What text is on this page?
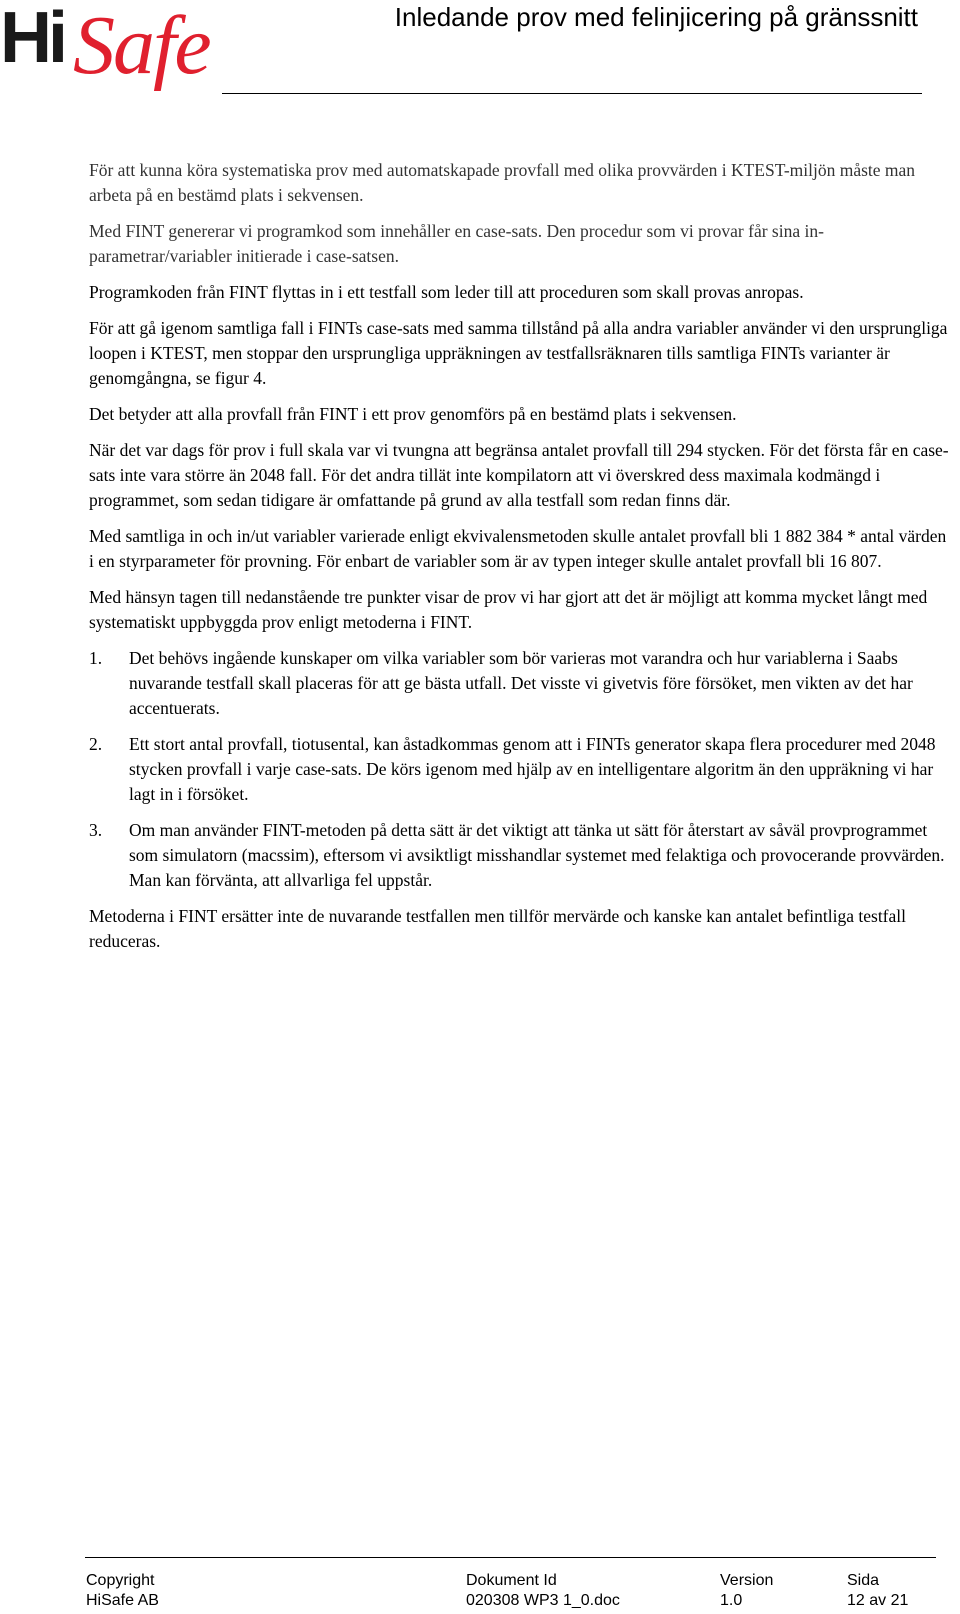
Hi Safe	Inledande prov med felinjicering på gränssnitt

För att kunna köra systematiska prov med automatskapade provfall med olika provvärden i KTEST-miljön måste man arbeta på en bestämd plats i sekvensen.

Med FINT genererar vi programkod som innehåller en case-sats. Den procedur som vi provar får sina in-parametrar/variabler initierade i case-satsen.

Programkoden från FINT flyttas in i ett testfall som leder till att proceduren som skall provas anropas.

För att gå igenom samtliga fall i FINTs case-sats med samma tillstånd på alla andra variabler använder vi den ursprungliga loopen i KTEST, men stoppar den ursprungliga uppräkningen av testfallsräknaren tills samtliga FINTs varianter är genomgångna, se figur 4.

Det betyder att alla provfall från FINT i ett prov genomförs på en bestämd plats i sekvensen.

När det var dags för prov i full skala var vi tvungna att begränsa antalet provfall till 294 stycken. För det första får en case-sats inte vara större än 2048 fall. För det andra tillät inte kompilatorn att vi överskred dess maximala kodmängd i programmet, som sedan tidigare är omfattande på grund av alla testfall som redan finns där.

Med samtliga in och in/ut variabler varierade enligt ekvivalensmetoden skulle antalet provfall bli 1 882 384 * antal värden i en styrparameter för provning. För enbart de variabler som är av typen integer skulle antalet provfall bli 16 807.

Med hänsyn tagen till nedanstående tre punkter visar de prov vi har gjort att det är möjligt att komma mycket långt med systematiskt uppbyggda prov enligt metoderna i FINT.

1.	Det behövs ingående kunskaper om vilka variabler som bör varieras mot varandra och hur variablerna i Saabs nuvarande testfall skall placeras för att ge bästa utfall. Det visste vi givetvis före försöket, men vikten av det har accentuerats.
2.	Ett stort antal provfall, tiotusental, kan åstadkommas genom att i FINTs generator skapa flera procedurer med 2048 stycken provfall i varje case-sats. De körs igenom med hjälp av en intelligentare algoritm än den uppräkning vi har lagt in i försöket.
3.	Om man använder FINT-metoden på detta sätt är det viktigt att tänka ut sätt för återstart av såväl provprogrammet som simulatorn (macssim), eftersom vi avsiktligt misshandlar systemet med felaktiga och provocerande provvärden. Man kan förvänta, att allvarliga fel uppstår.

Metoderna i FINT ersätter inte de nuvarande testfallen men tillför mervärde och kanske kan antalet befintliga testfall reduceras.

Copyright
HiSafe AB
Dokument Id
020308 WP3 1_0.doc
Version
1.0
Sida
12 av 21
